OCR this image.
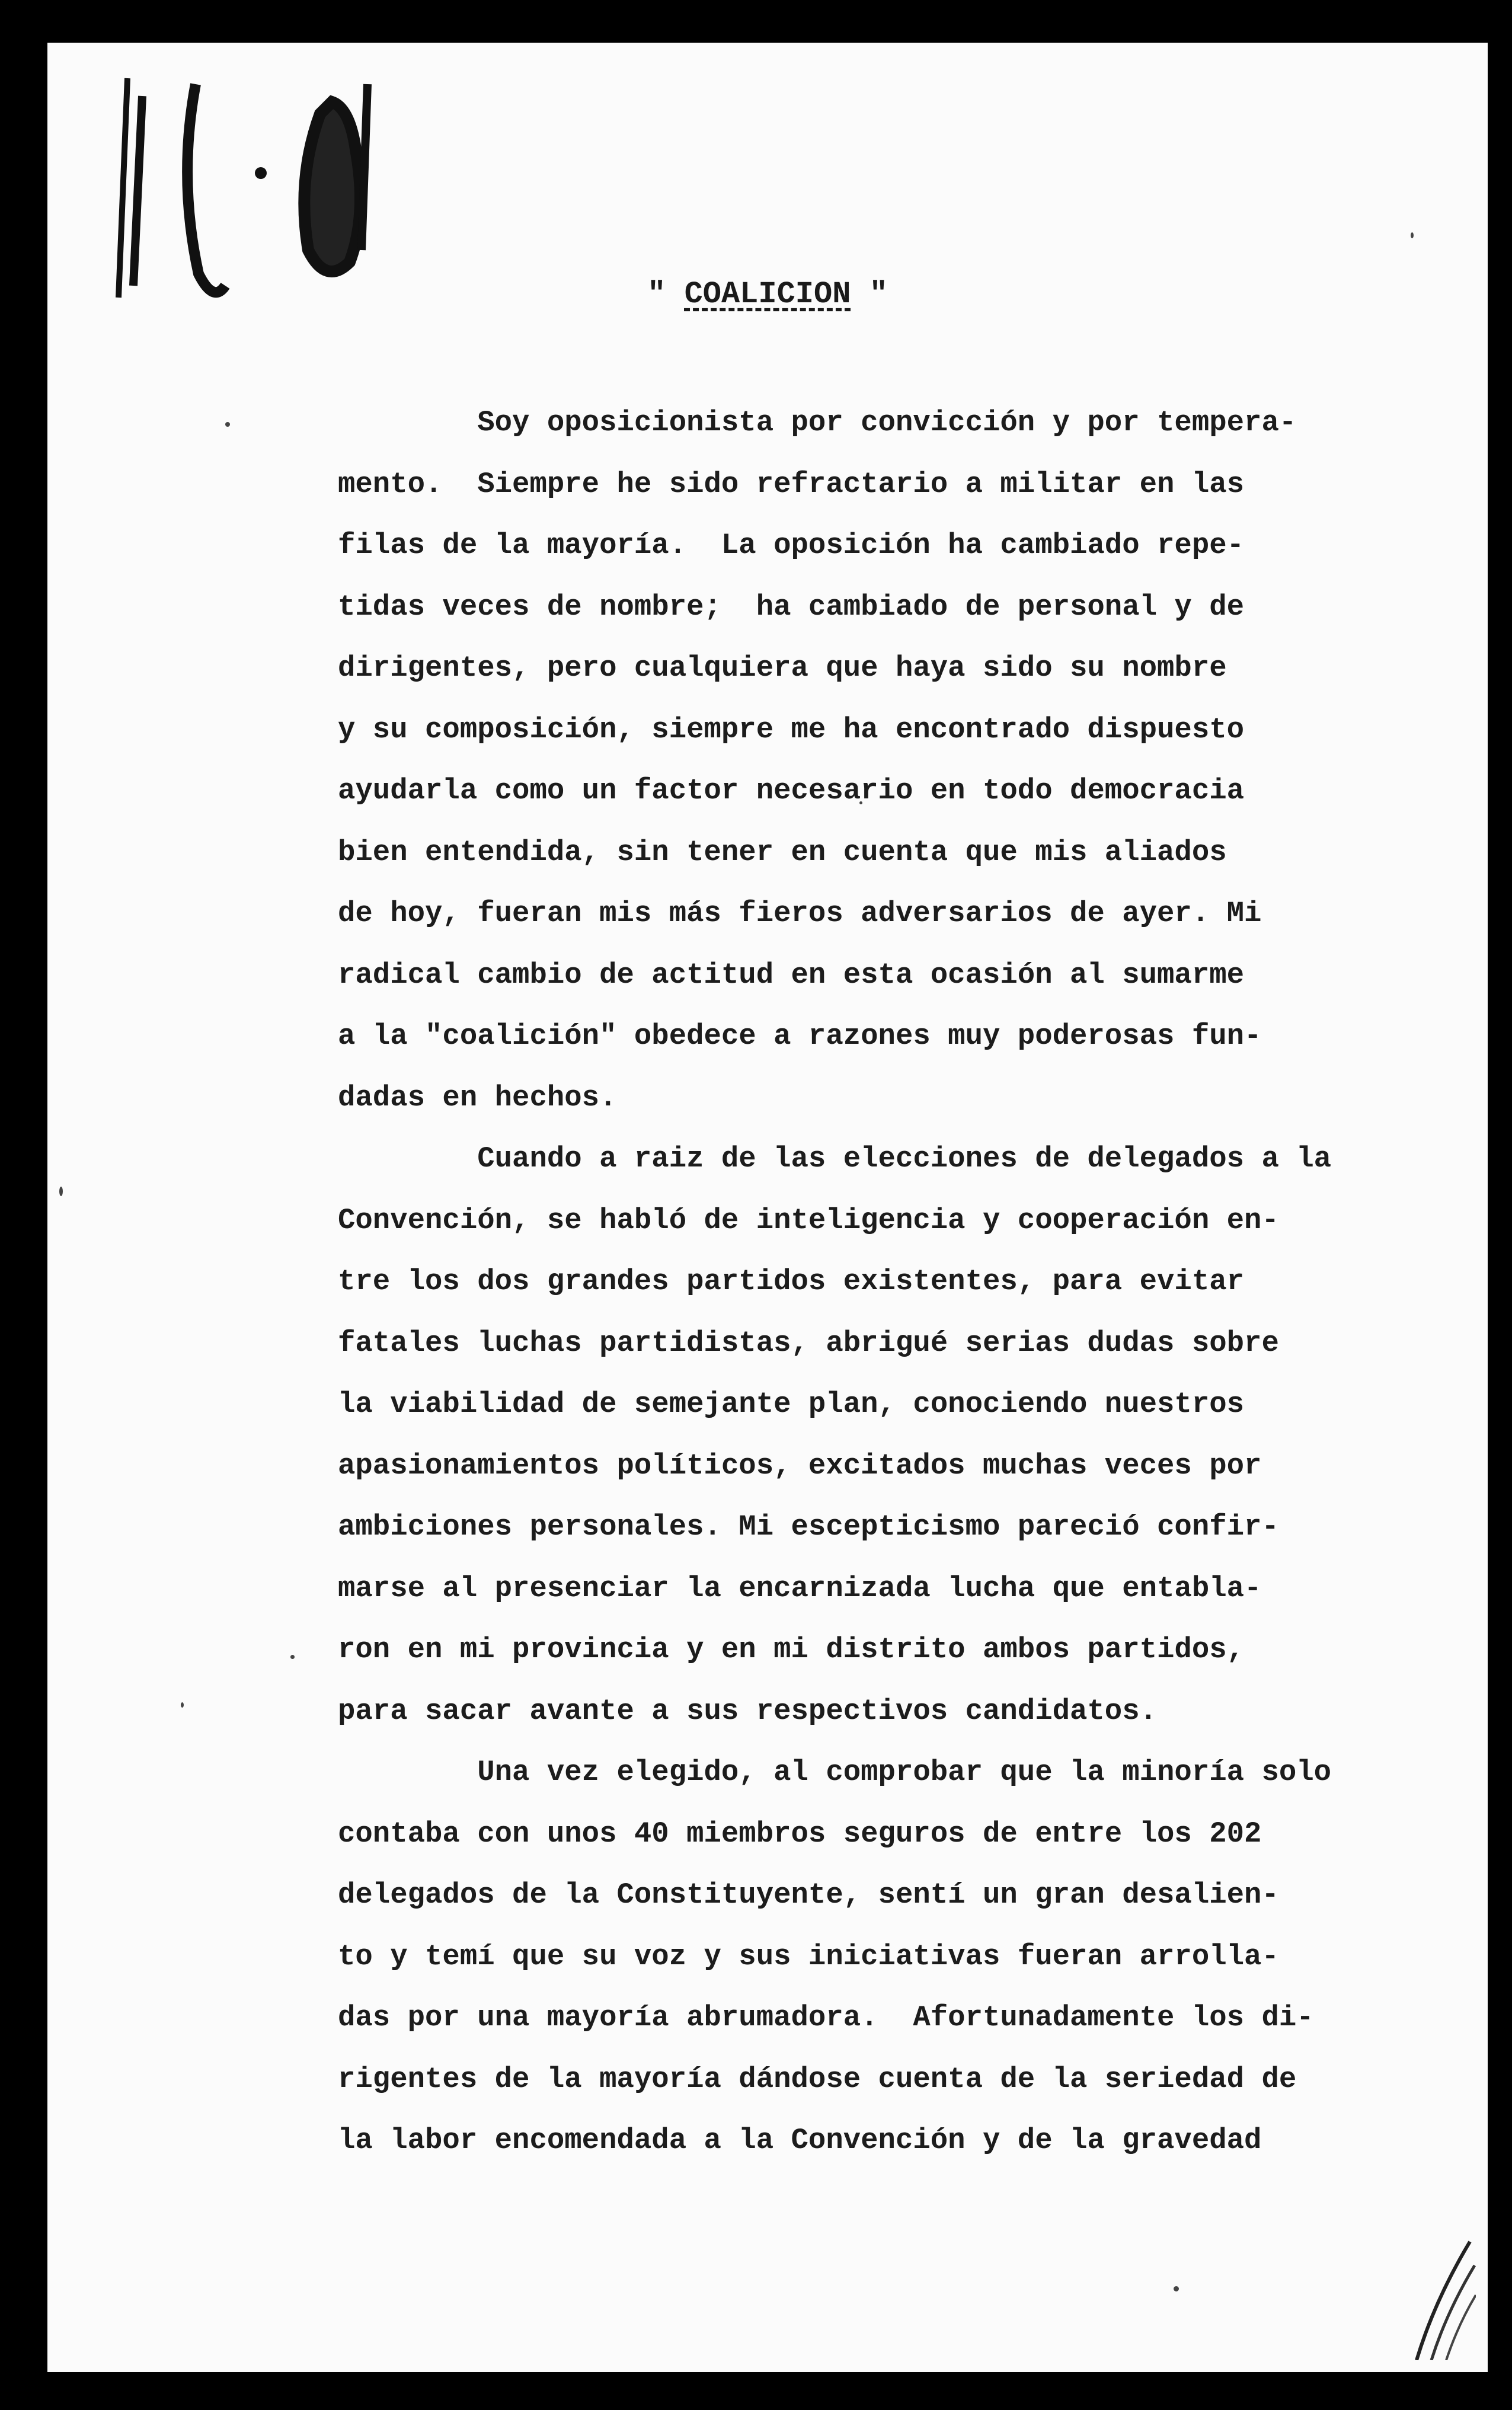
" COALICION "
Soy oposicionista por convicción y por tempera-
mento.  Siempre he sido refractario a militar en las
filas de la mayoría.  La oposición ha cambiado repe-
tidas veces de nombre;  ha cambiado de personal y de
dirigentes, pero cualquiera que haya sido su nombre
y su composición, siempre me ha encontrado dispuesto
ayudarla como un factor necesario en todo democracia
bien entendida, sin tener en cuenta que mis aliados
de hoy, fueran mis más fieros adversarios de ayer. Mi
radical cambio de actitud en esta ocasión al sumarme
a la "coalición" obedece a razones muy poderosas fun-
dadas en hechos.
Cuando a raiz de las elecciones de delegados a la
Convención, se habló de inteligencia y cooperación en-
tre los dos grandes partidos existentes, para evitar
fatales luchas partidistas, abrigué serias dudas sobre
la viabilidad de semejante plan, conociendo nuestros
apasionamientos políticos, excitados muchas veces por
ambiciones personales. Mi escepticismo pareció confir-
marse al presenciar la encarnizada lucha que entabla-
ron en mi provincia y en mi distrito ambos partidos,
para sacar avante a sus respectivos candidatos.
Una vez elegido, al comprobar que la minoría solo
contaba con unos 40 miembros seguros de entre los 202
delegados de la Constituyente, sentí un gran desalien-
to y temí que su voz y sus iniciativas fueran arrolla-
das por una mayoría abrumadora.  Afortunadamente los di-
rigentes de la mayoría dándose cuenta de la seriedad de
la labor encomendada a la Convención y de la gravedad
